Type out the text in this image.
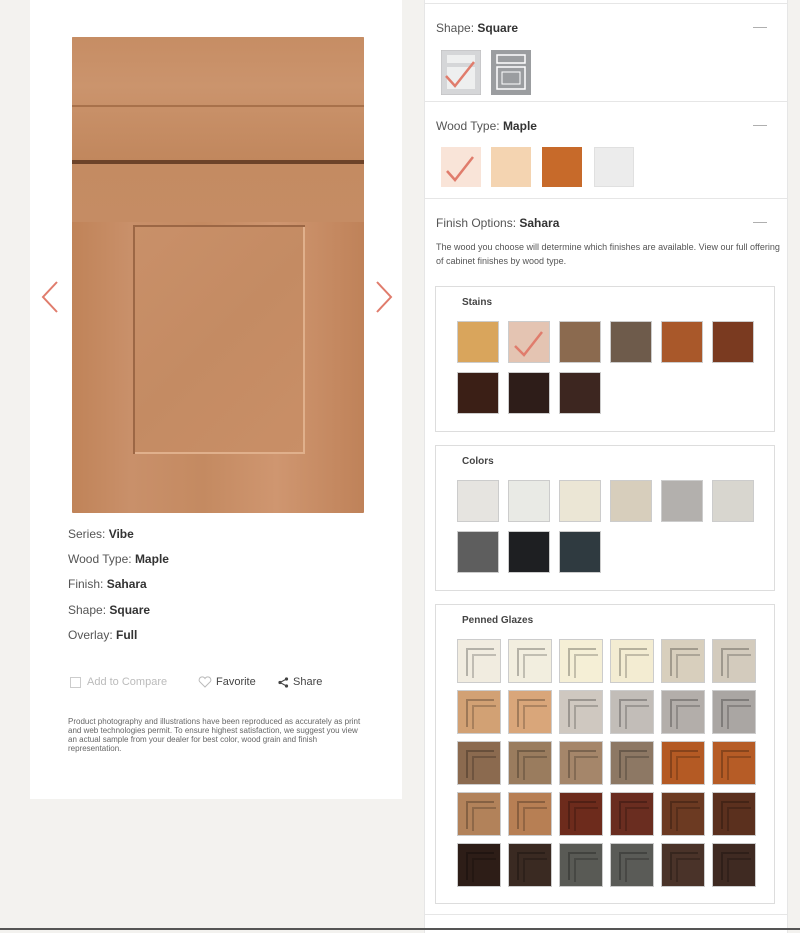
Series: Vibe
Wood Type: Maple
Finish: Sahara
Shape: Square
Overlay: Full
Add to Compare	Favorite	Share
Product photography and illustrations have been reproduced as accurately as print and web technologies permit. To ensure highest satisfaction, we suggest you view an actual sample from your dealer for best color, wood grain and finish representation.
Shape: Square	—
Wood Type: Maple	—
Finish Options: Sahara	—
The wood you choose will determine which finishes are available. View our full offering of cabinet finishes by wood type.
Stains
Colors
Penned Glazes
